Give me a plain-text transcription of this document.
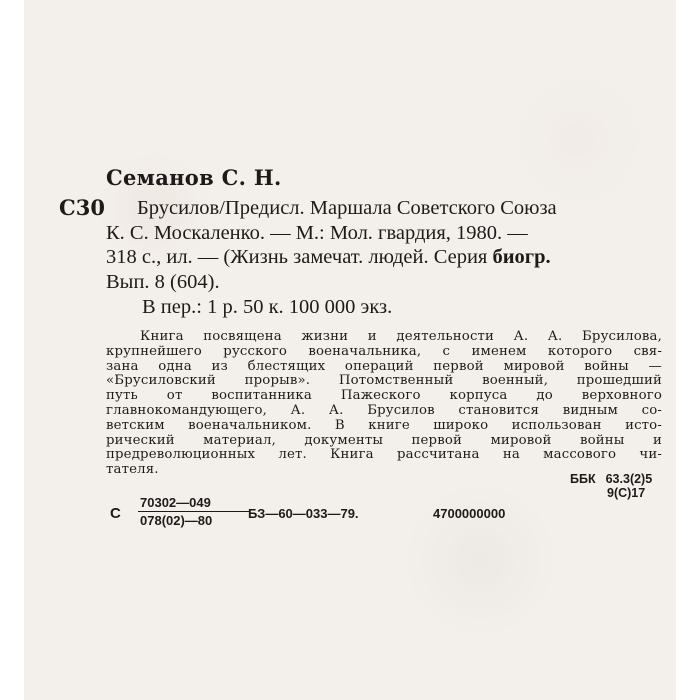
Семанов С. Н.
С30	Брусилов/Предисл. Маршала Советского Союза
К. С. Москаленко. — М.: Мол. гвардия, 1980. —
318 с., ил. — (Жизнь замечат. людей. Серия биогр.
Вып. 8 (604).
В пер.: 1 р. 50 к. 100 000 экз.
Книга посвящена жизни и деятельности А. А. Брусилова,
крупнейшего русского военачальника, с именем которого свя-
зана одна из блестящих операций первой мировой войны —
«Брусиловский прорыв». Потомственный военный, прошедший
путь от воспитанника Пажеского корпуса до верховного
главнокомандующего, А. А. Брусилов становится видным со-
ветским военачальником. В книге широко использован исто-
рический материал, документы первой мировой войны и
предреволюционных лет. Книга рассчитана на массового чи-
тателя.
ББК 63.3(2)5
9(С)17
С $\frac{70302—049}{078(02)—80}$
БЗ—60—033—79.	4700000000
